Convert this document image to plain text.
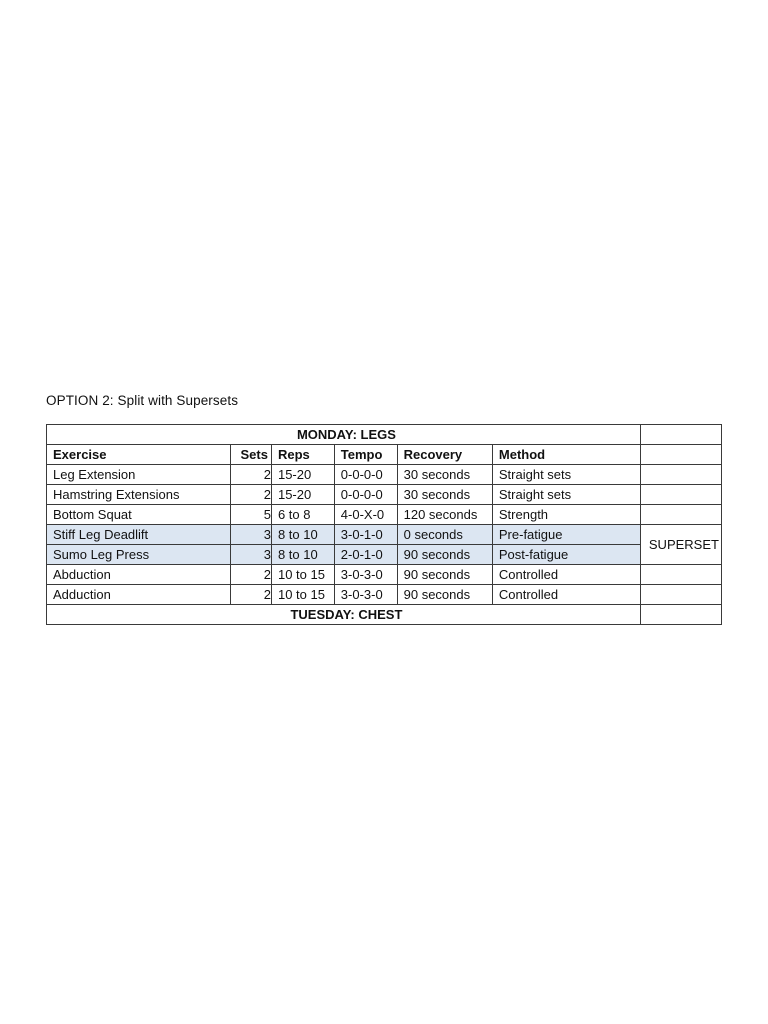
OPTION 2: Split with Supersets
MONDAY: LEGS						
Exercise	Sets	Reps	Tempo	Recovery	Method	
Leg Extension	2	15-20	0-0-0-0	30 seconds	Straight sets	
Hamstring Extensions	2	15-20	0-0-0-0	30 seconds	Straight sets	
Bottom Squat	5	6 to 8	4-0-X-0	120 seconds	Strength	
Stiff Leg Deadlift	3	8 to 10	3-0-1-0	0 seconds	Pre-fatigue	SUPERSET
Sumo Leg Press	3	8 to 10	2-0-1-0	90 seconds	Post-fatigue	
Abduction	2	10 to 15	3-0-3-0	90 seconds	Controlled	
Adduction	2	10 to 15	3-0-3-0	90 seconds	Controlled	
TUESDAY: CHEST						
